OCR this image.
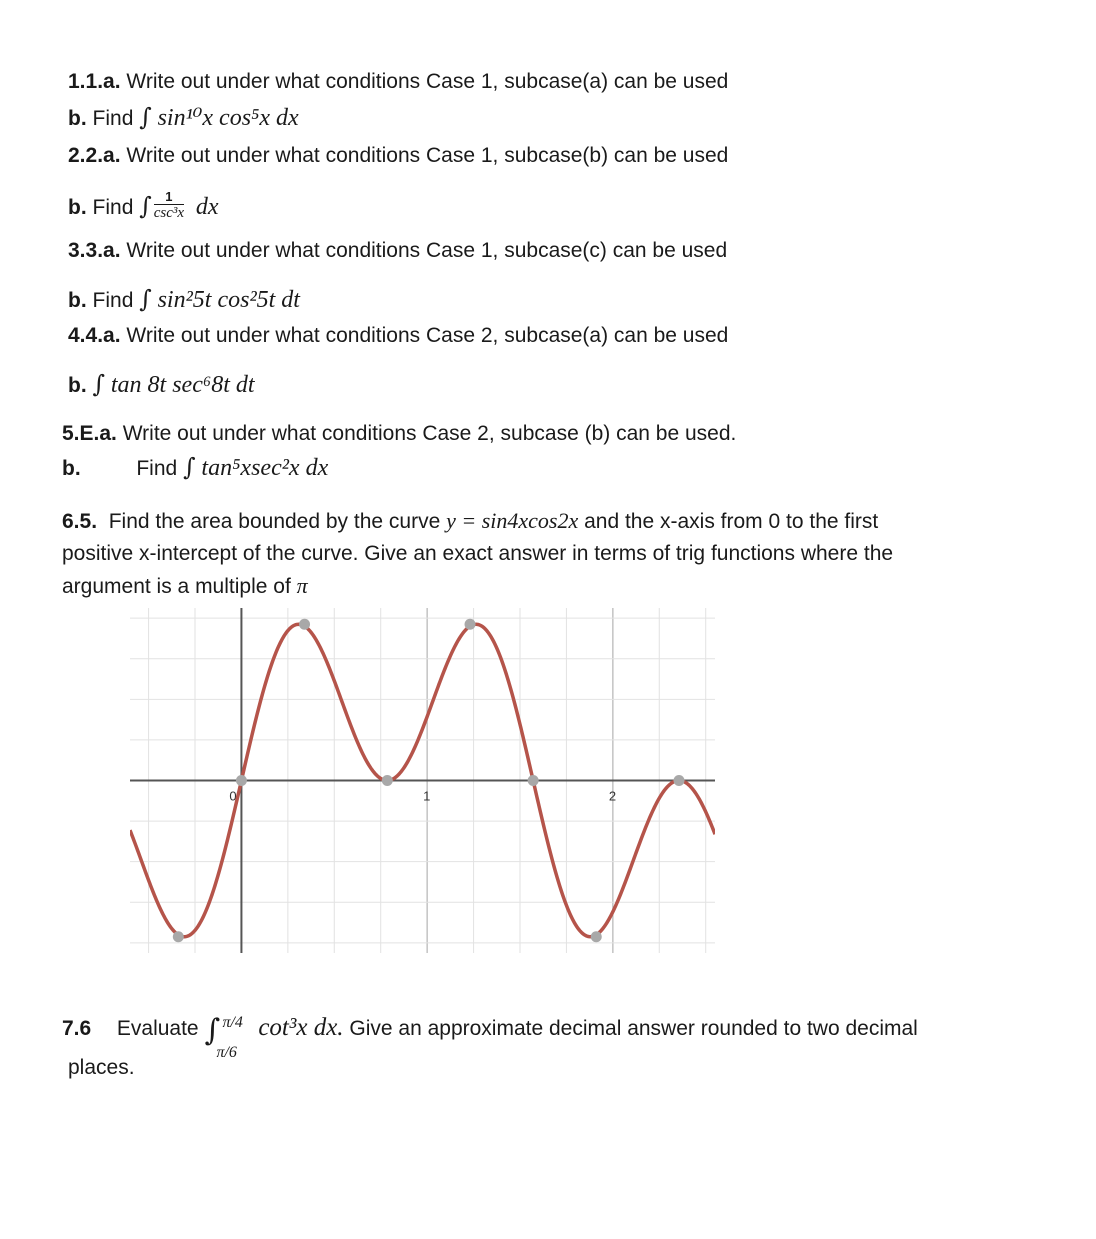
1.1.a. Write out under what conditions Case 1, subcase(a) can be used
b. Find ∫ sin¹⁰x cos⁵x dx
2.2.a. Write out under what conditions Case 1, subcase(b) can be used
b. Find ∫ $\frac{1}{\text{csc³x}}$ dx
3.3.a. Write out under what conditions Case 1, subcase(c) can be used
b. Find ∫ sin²5t cos²5t dt
4.4.a. Write out under what conditions Case 2, subcase(a) can be used
b. ∫ tan 8t sec⁶8t dt
5.E.a. Write out under what conditions Case 2, subcase (b) can be used.
b.	Find ∫ tan⁵xsec²x dx
6.5. Find the area bounded by the curve y = sin4xcos2x and the x-axis from 0 to the first
positive x-intercept of the curve. Give an exact answer in terms of trig functions where the
argument is a multiple of π
0	1	2
7.6 Evaluate ∫ π/4
π/6
cot³x dx. Give an approximate decimal answer rounded to two decimal
places.
